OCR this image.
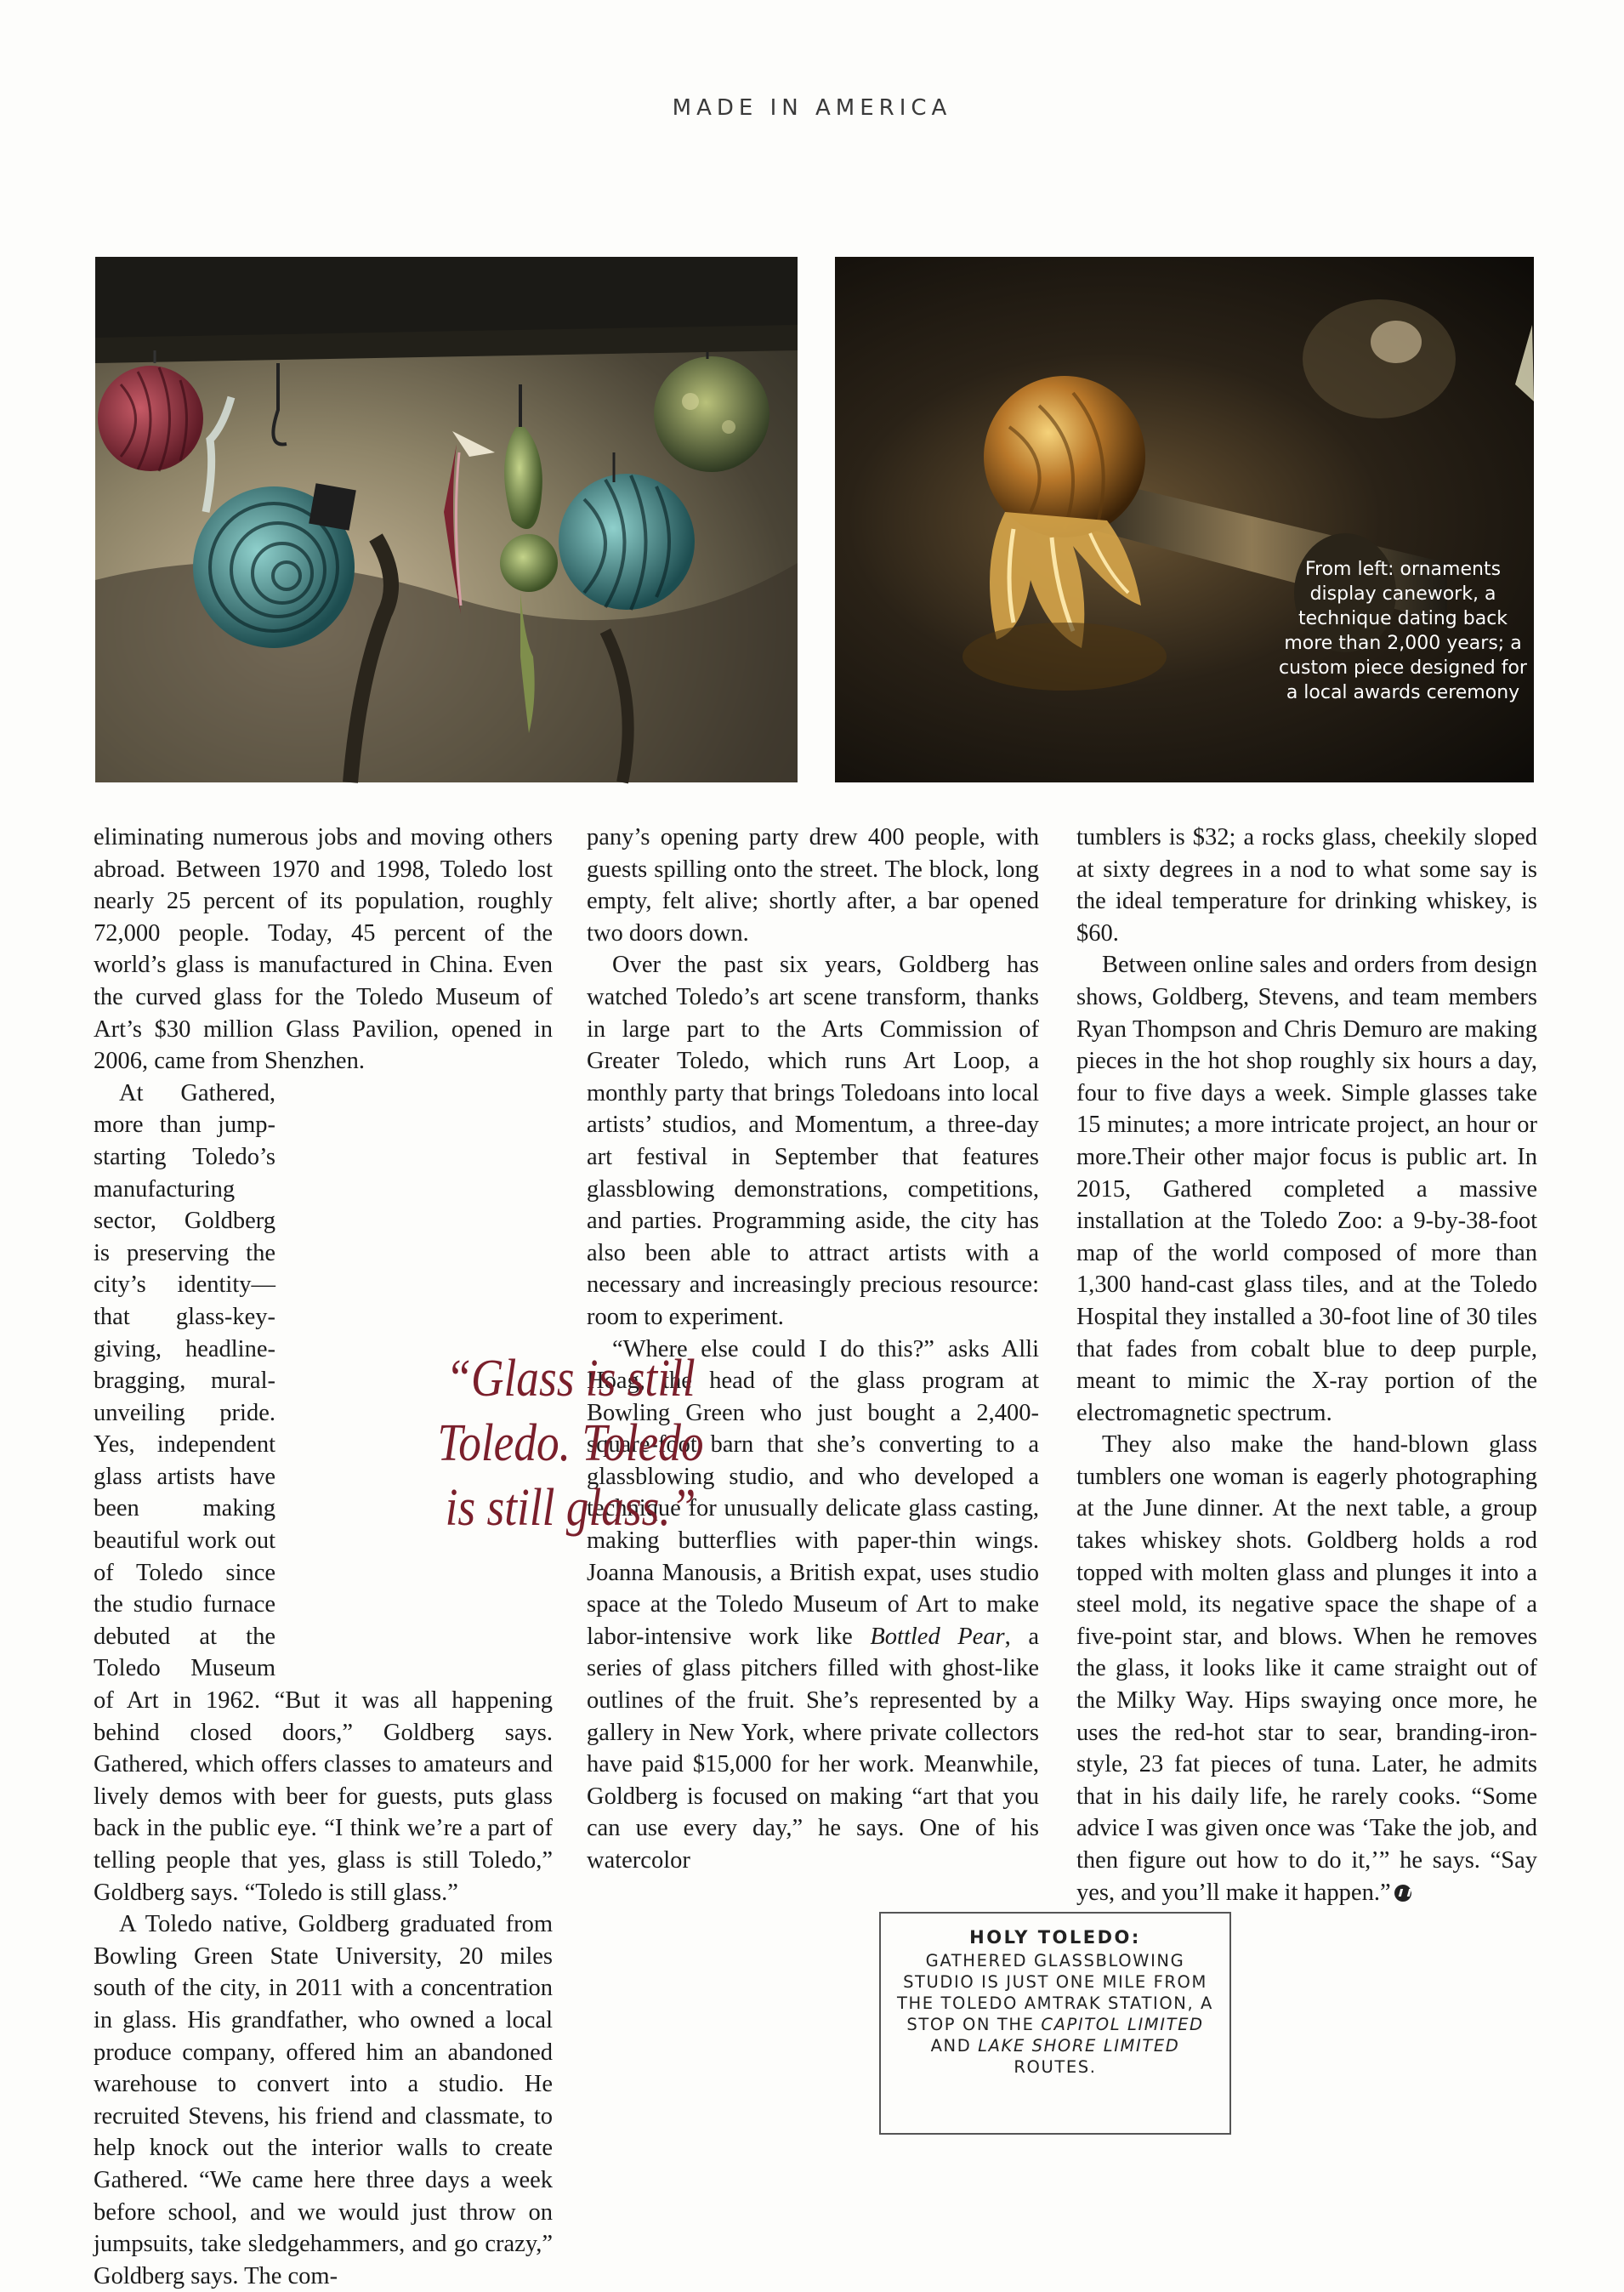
MADE IN AMERICA
From left: ornaments display canework, a technique dating back more than 2,000 years; a custom piece designed for a local awards ceremony

eliminating numerous jobs and moving others abroad. Between 1970 and 1998, Toledo lost nearly 25 percent of its population, roughly 72,000 people. Today, 45 percent of the world’s glass is manufactured in China. Even the curved glass for the Toledo Museum of Art’s $30 million Glass Pavilion, opened in 2006, came from Shenzhen.

At Gathered, more than jump-starting Toledo’s manufacturing sector, Goldberg is preserving the city’s identity—that glass-key-giving, headline-bragging, mural-unveiling pride. Yes, independent glass artists have been making beautiful work out of Toledo since the studio furnace debuted at the Toledo Museum of Art in 1962. “But it was all happening behind closed doors,” Goldberg says. Gathered, which offers classes to amateurs and lively demos with beer for guests, puts glass back in the public eye. “I think we’re a part of telling people that yes, glass is still Toledo,” Goldberg says. “Toledo is still glass.”

A Toledo native, Goldberg graduated from Bowling Green State University, 20 miles south of the city, in 2011 with a concentration in glass. His grandfather, who owned a local produce company, offered him an abandoned warehouse to convert into a studio. He recruited Stevens, his friend and classmate, to help knock out the interior walls to create Gathered. “We came here three days a week before school, and we would just throw on jumpsuits, take sledgehammers, and go crazy,” Goldberg says. The com-

pany’s opening party drew 400 people, with guests spilling onto the street. The block, long empty, felt alive; shortly after, a bar opened two doors down.

Over the past six years, Goldberg has watched Toledo’s art scene transform, thanks in large part to the Arts Commission of Greater Toledo, which runs Art Loop, a monthly party that brings Toledoans into local artists’ studios, and Momentum, a three-day art festival in September that features glassblowing demonstrations, competitions, and parties. Programming aside, the city has also been able to attract artists with a necessary and increasingly precious resource: room to experiment.

“Where else could I do this?” asks Alli Hoag, the head of the glass program at Bowling Green who just bought a 2,400-square-foot barn that she’s converting to a glassblowing studio, and who developed a technique for unusually delicate glass casting, making butterflies with paper-thin wings. Joanna Manousis, a British expat, uses studio space at the Toledo Museum of Art to make labor-intensive work like Bottled Pear, a series of glass pitchers filled with ghost-like outlines of the fruit. She’s represented by a gallery in New York, where private collectors have paid $15,000 for her work. Meanwhile, Goldberg is focused on making “art that you can use every day,” he says. One of his watercolor

tumblers is $32; a rocks glass, cheekily sloped at sixty degrees in a nod to what some say is the ideal temperature for drinking whiskey, is $60.

Between online sales and orders from design shows, Goldberg, Stevens, and team members Ryan Thompson and Chris Demuro are making pieces in the hot shop roughly six hours a day, four to five days a week. Simple glasses take 15 minutes; a more intricate project, an hour or more.Their other major focus is public art. In 2015, Gathered completed a massive installation at the Toledo Zoo: a 9-by-38-foot map of the world composed of more than 1,300 hand-cast glass tiles, and at the Toledo Hospital they installed a 30-foot line of 30 tiles that fades from cobalt blue to deep purple, meant to mimic the X-ray portion of the electromagnetic spectrum.

They also make the hand-blown glass tumblers one woman is eagerly photographing at the June dinner. At the next table, a group takes whiskey shots. Goldberg holds a rod topped with molten glass and plunges it into a steel mold, its negative space the shape of a five-point star, and blows. When he removes the glass, it looks like it came straight out of the Milky Way. Hips swaying once more, he uses the red-hot star to sear, branding-iron-style, 23 fat pieces of tuna. Later, he admits that in his daily life, he rarely cooks. “Some advice I was given once was ‘Take the job, and then figure out how to do it,’” he says. “Say yes, and you’ll make it happen.”

“Glass is still Toledo. Toledo is still glass.”
HOLY TOLEDO:
GATHERED GLASSBLOWING STUDIO IS JUST ONE MILE FROM THE TOLEDO AMTRAK STATION, A STOP ON THE CAPITOL LIMITED AND LAKE SHORE LIMITED ROUTES.
